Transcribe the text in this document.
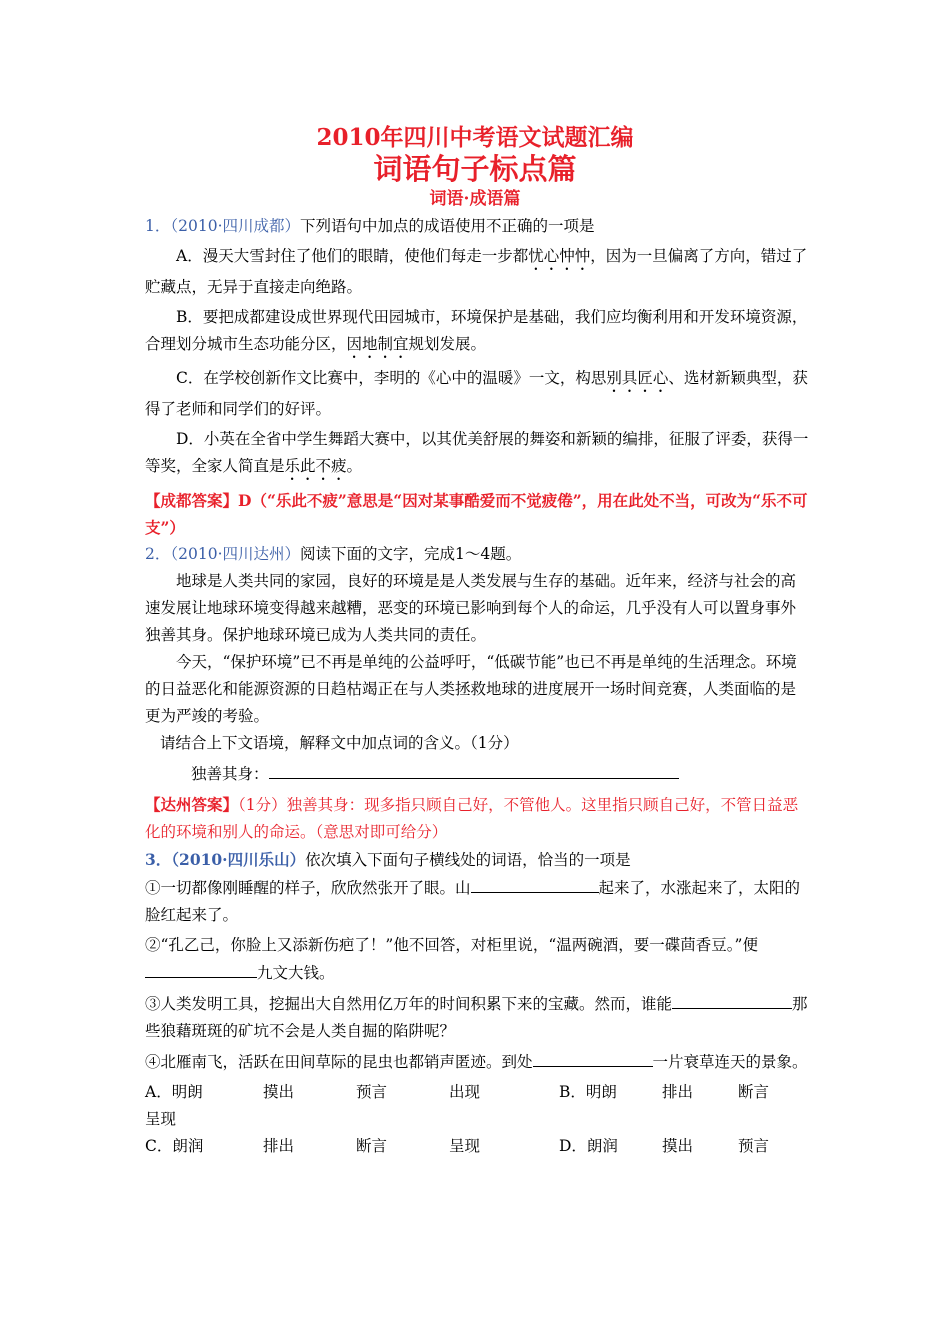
2010年四川中考语文试题汇编
词语句子标点篇
词语·成语篇

1．（2010·四川成都）下列语句中加点的成语使用不正确的一项是

A．漫天大雪封住了他们的眼睛，使他们每走一步都忧心忡忡，因为一旦偏离了方向，错过了贮藏点，无异于直接走向绝路。

B．要把成都建设成世界现代田园城市，环境保护是基础，我们应均衡利用和开发环境资源，合理划分城市生态功能分区，因地制宜规划发展。

C．在学校创新作文比赛中，李明的《心中的温暖》一文，构思别具匠心、选材新颖典型，获得了老师和同学们的好评。

D．小英在全省中学生舞蹈大赛中，以其优美舒展的舞姿和新颖的编排，征服了评委，获得一等奖，全家人简直是乐此不疲。

【成都答案】D（“乐此不疲”意思是“因对某事酷爱而不觉疲倦”，用在此处不当，可改为“乐不可支”）

2．（2010·四川达州）阅读下面的文字，完成1～4题。

地球是人类共同的家园，良好的环境是是人类发展与生存的基础。近年来，经济与社会的高速发展让地球环境变得越来越糟，恶变的环境已影响到每个人的命运，几乎没有人可以置身事外独善其身。保护地球环境已成为人类共同的责任。

今天，“保护环境”已不再是单纯的公益呼吁，“低碳节能”也已不再是单纯的生活理念。环境的日益恶化和能源资源的日趋枯竭正在与人类拯救地球的进度展开一场时间竞赛，人类面临的是更为严竣的考验。

请结合上下文语境，解释文中加点词的含义。（1分）

独善其身：

【达州答案】（1分）独善其身：现多指只顾自己好，不管他人。这里指只顾自己好，不管日益恶化的环境和别人的命运。（意思对即可给分）

3．（2010·四川乐山）依次填入下面句子横线处的词语，恰当的一项是

①一切都像刚睡醒的样子，欣欣然张开了眼。山	起来了，水涨起来了，太阳的脸红起来了。

②“孔乙己，你脸上又添新伤疤了！”他不回答，对柜里说，“温两碗酒，要一碟茴香豆。”便九文大钱。

③人类发明工具，挖掘出大自然用亿万年的时间积累下来的宝藏。然而，谁能	那些狼藉斑斑的矿坑不会是人类自掘的陷阱呢？

④北雁南飞，活跃在田间草际的昆虫也都销声匿迹。到处	一片衰草连天的景象。

A．明朗	摸出	预言	出现	B．明朗	排出	断言

呈现

C．朗润	排出	断言	呈现	D．朗润	摸出	预言
